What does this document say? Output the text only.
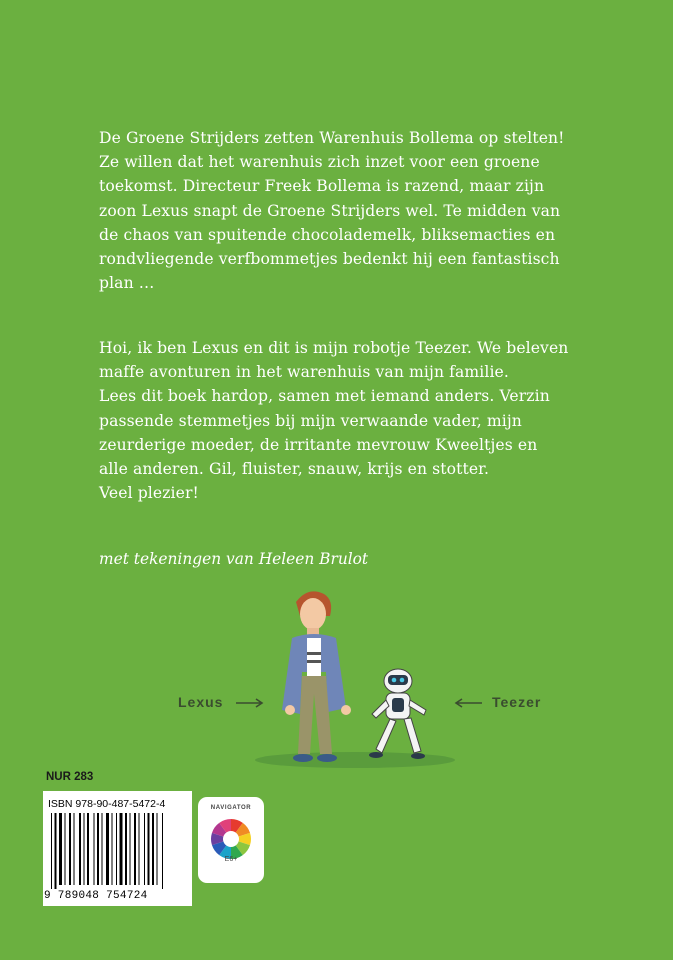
De Groene Strijders zetten Warenhuis Bollema op stelten!
Ze willen dat het warenhuis zich inzet voor een groene
toekomst. Directeur Freek Bollema is razend, maar zijn
zoon Lexus snapt de Groene Strijders wel. Te midden van
de chaos van spuitende chocolademelk, bliksemacties en
rondvliegende verfbommetjes bedenkt hij een fantastisch
plan …
Hoi, ik ben Lexus en dit is mijn robotje Teezer. We beleven
maffe avonturen in het warenhuis van mijn familie.
Lees dit boek hardop, samen met iemand anders. Verzin
passende stemmetjes bij mijn verwaande vader, mijn
zeurderige moeder, de irritante mevrouw Kweeltjes en
alle anderen. Gil, fluister, snauw, krijs en stotter.
Veel plezier!
met tekeningen van Heleen Brulot
Lexus	Teezer
NUR 283
ISBN 978-90-487-5472-4
9 789048 754724
NAVIGATOR
E6+
